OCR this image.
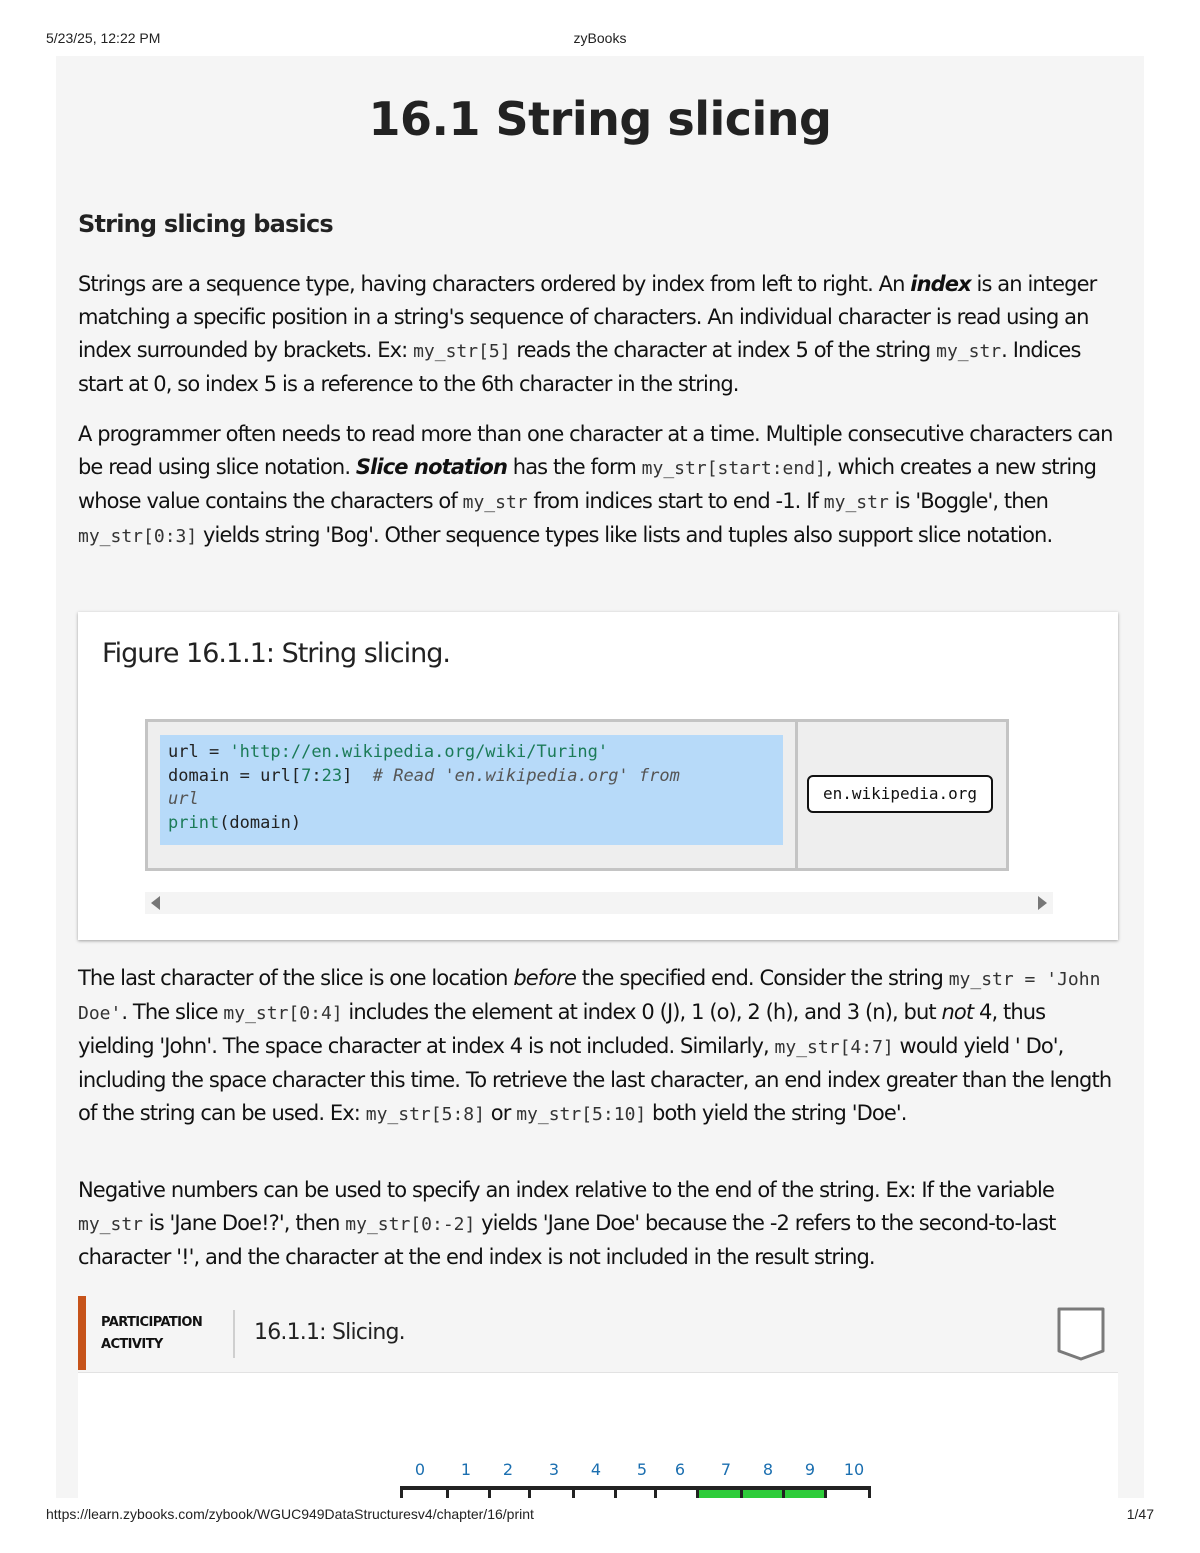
5/23/25, 12:22 PM	zyBooks
16.1 String slicing
String slicing basics

Strings are a sequence type, having characters ordered by index from left to right. An index is an integer matching a specific position in a string's sequence of characters. An individual character is read using an index surrounded by brackets. Ex: my_str[5] reads the character at index 5 of the string my_str. Indices start at 0, so index 5 is a reference to the 6th character in the string.

A programmer often needs to read more than one character at a time. Multiple consecutive characters can be read using slice notation. Slice notation has the form my_str[start:end], which creates a new string whose value contains the characters of my_str from indices start to end -1. If my_str is 'Boggle', then my_str[0:3] yields string 'Bog'. Other sequence types like lists and tuples also support slice notation.

Figure 16.1.1: String slicing.
url = 'http://en.wikipedia.org/wiki/Turing'
domain = url[7:23]  # Read 'en.wikipedia.org' from
url
print(domain)
en.wikipedia.org

The last character of the slice is one location before the specified end. Consider the string my_str = 'John Doe'. The slice my_str[0:4] includes the element at index 0 (J), 1 (o), 2 (h), and 3 (n), but not 4, thus yielding 'John'. The space character at index 4 is not included. Similarly, my_str[4:7] would yield ' Do', including the space character this time. To retrieve the last character, an end index greater than the length of the string can be used. Ex: my_str[5:8] or my_str[5:10] both yield the string 'Doe'.

Negative numbers can be used to specify an index relative to the end of the string. Ex: If the variable my_str is 'Jane Doe!?', then my_str[0:-2] yields 'Jane Doe' because the -2 refers to the second-to-last character '!', and the character at the end index is not included in the result string.

PARTICIPATION
ACTIVITY	16.1.1: Slicing.
0	1	2	3	4	5	6	7	8	9	10
https://learn.zybooks.com/zybook/WGUC949DataStructuresv4/chapter/16/print	1/47
